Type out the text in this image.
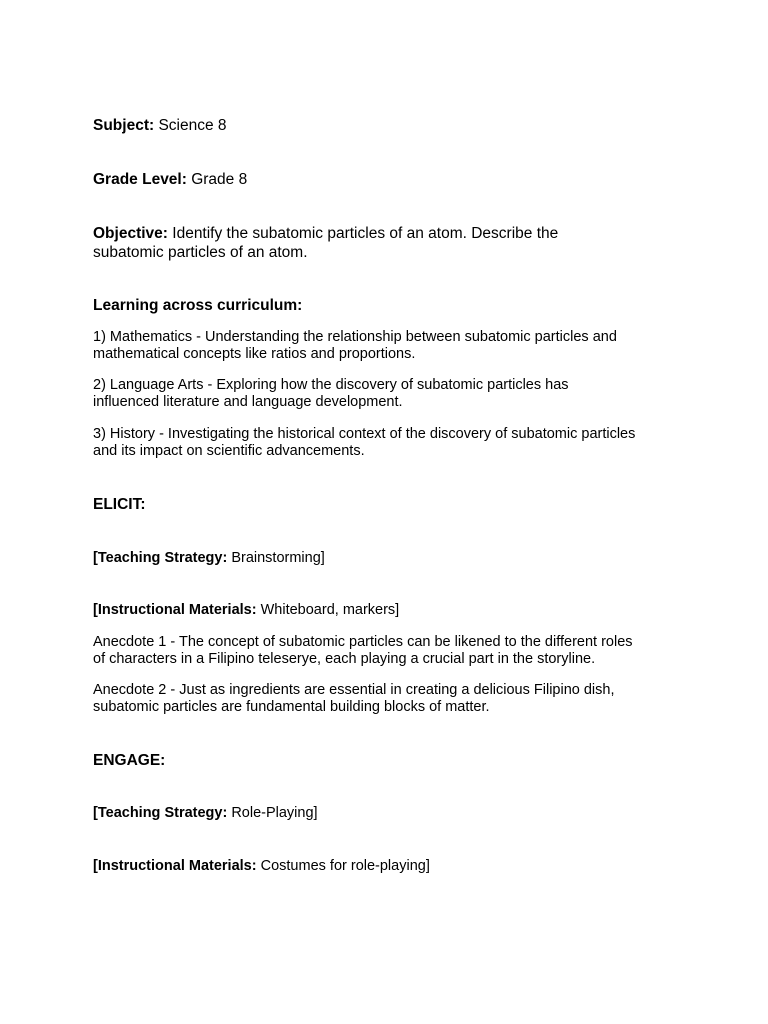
Subject: Science 8
Grade Level: Grade 8
Objective: Identify the subatomic particles of an atom. Describe the
subatomic particles of an atom.
Learning across curriculum:
1) Mathematics - Understanding the relationship between subatomic particles and
mathematical concepts like ratios and proportions.
2) Language Arts - Exploring how the discovery of subatomic particles has
influenced literature and language development.
3) History - Investigating the historical context of the discovery of subatomic particles
and its impact on scientific advancements.
ELICIT:
[Teaching Strategy: Brainstorming]
[Instructional Materials: Whiteboard, markers]
Anecdote 1 - The concept of subatomic particles can be likened to the different roles
of characters in a Filipino teleserye, each playing a crucial part in the storyline.
Anecdote 2 - Just as ingredients are essential in creating a delicious Filipino dish,
subatomic particles are fundamental building blocks of matter.
ENGAGE:
[Teaching Strategy: Role-Playing]
[Instructional Materials: Costumes for role-playing]
